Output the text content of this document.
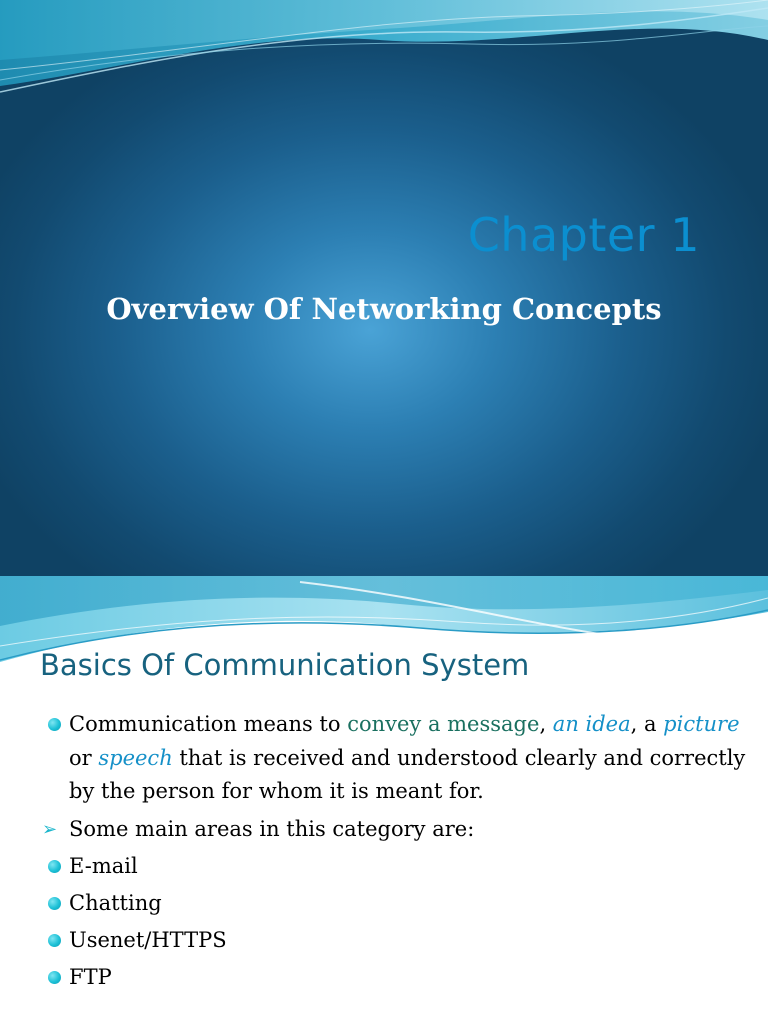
Chapter 1
Overview Of Networking Concepts
Basics Of Communication System
Communication means to convey a message, an idea, a picture or speech that is received and understood clearly and correctly by the person for whom it is meant for.
➢ Some main areas in this category are:
E-mail
Chatting
Usenet/HTTPS
FTP
